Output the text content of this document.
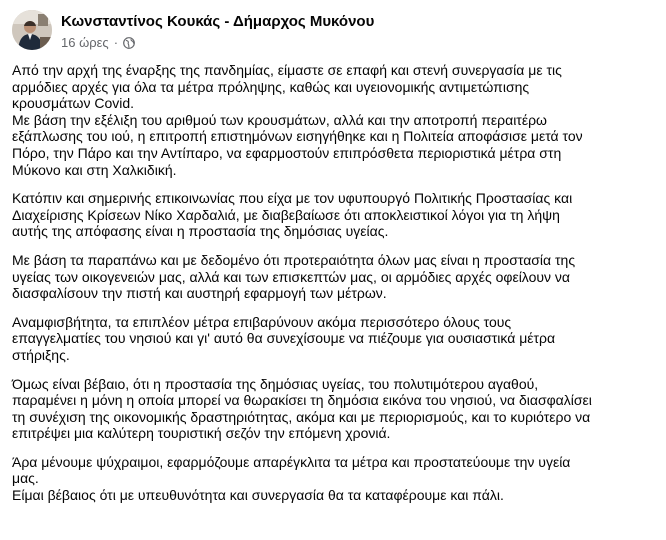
Κωνσταντίνος Κουκάς - Δήμαρχος Μυκόνου
16 ώρες ·

Από την αρχή της έναρξης της πανδημίας, είμαστε σε επαφή και στενή συνεργασία με τις
αρμόδιες αρχές για όλα τα μέτρα πρόληψης, καθώς και υγειονομικής αντιμετώπισης
κρουσμάτων Covid.
Με βάση την εξέλιξη του αριθμού των κρουσμάτων, αλλά και την αποτροπή περαιτέρω
εξάπλωσης του ιού, η επιτροπή επιστημόνων εισηγήθηκε και η Πολιτεία αποφάσισε μετά τον
Πόρο, την Πάρο και την Αντίπαρο, να εφαρμοστούν επιπρόσθετα περιοριστικά μέτρα στη
Μύκονο και στη Χαλκιδική.

Κατόπιν και σημερινής επικοινωνίας που είχα με τον υφυπουργό Πολιτικής Προστασίας και
Διαχείρισης Κρίσεων Νίκο Χαρδαλιά, με διαβεβαίωσε ότι αποκλειστικοί λόγοι για τη λήψη
αυτής της απόφασης είναι η προστασία της δημόσιας υγείας.

Με βάση τα παραπάνω και με δεδομένο ότι προτεραιότητα όλων μας είναι η προστασία της
υγείας των οικογενειών μας, αλλά και των επισκεπτών μας, οι αρμόδιες αρχές οφείλουν να
διασφαλίσουν την πιστή και αυστηρή εφαρμογή των μέτρων.

Αναμφισβήτητα, τα επιπλέον μέτρα επιβαρύνουν ακόμα περισσότερο όλους τους
επαγγελματίες του νησιού και γι' αυτό θα συνεχίσουμε να πιέζουμε για ουσιαστικά μέτρα
στήριξης.

Όμως είναι βέβαιο, ότι η προστασία της δημόσιας υγείας, του πολυτιμότερου αγαθού,
παραμένει η μόνη η οποία μπορεί να θωρακίσει τη δημόσια εικόνα του νησιού, να διασφαλίσει
τη συνέχιση της οικονομικής δραστηριότητας, ακόμα και με περιορισμούς, και το κυριότερο να
επιτρέψει μια καλύτερη τουριστική σεζόν την επόμενη χρονιά.

Άρα μένουμε ψύχραιμοι, εφαρμόζουμε απαρέγκλιτα τα μέτρα και προστατεύουμε την υγεία
μας.
Είμαι βέβαιος ότι με υπευθυνότητα και συνεργασία θα τα καταφέρουμε και πάλι.
